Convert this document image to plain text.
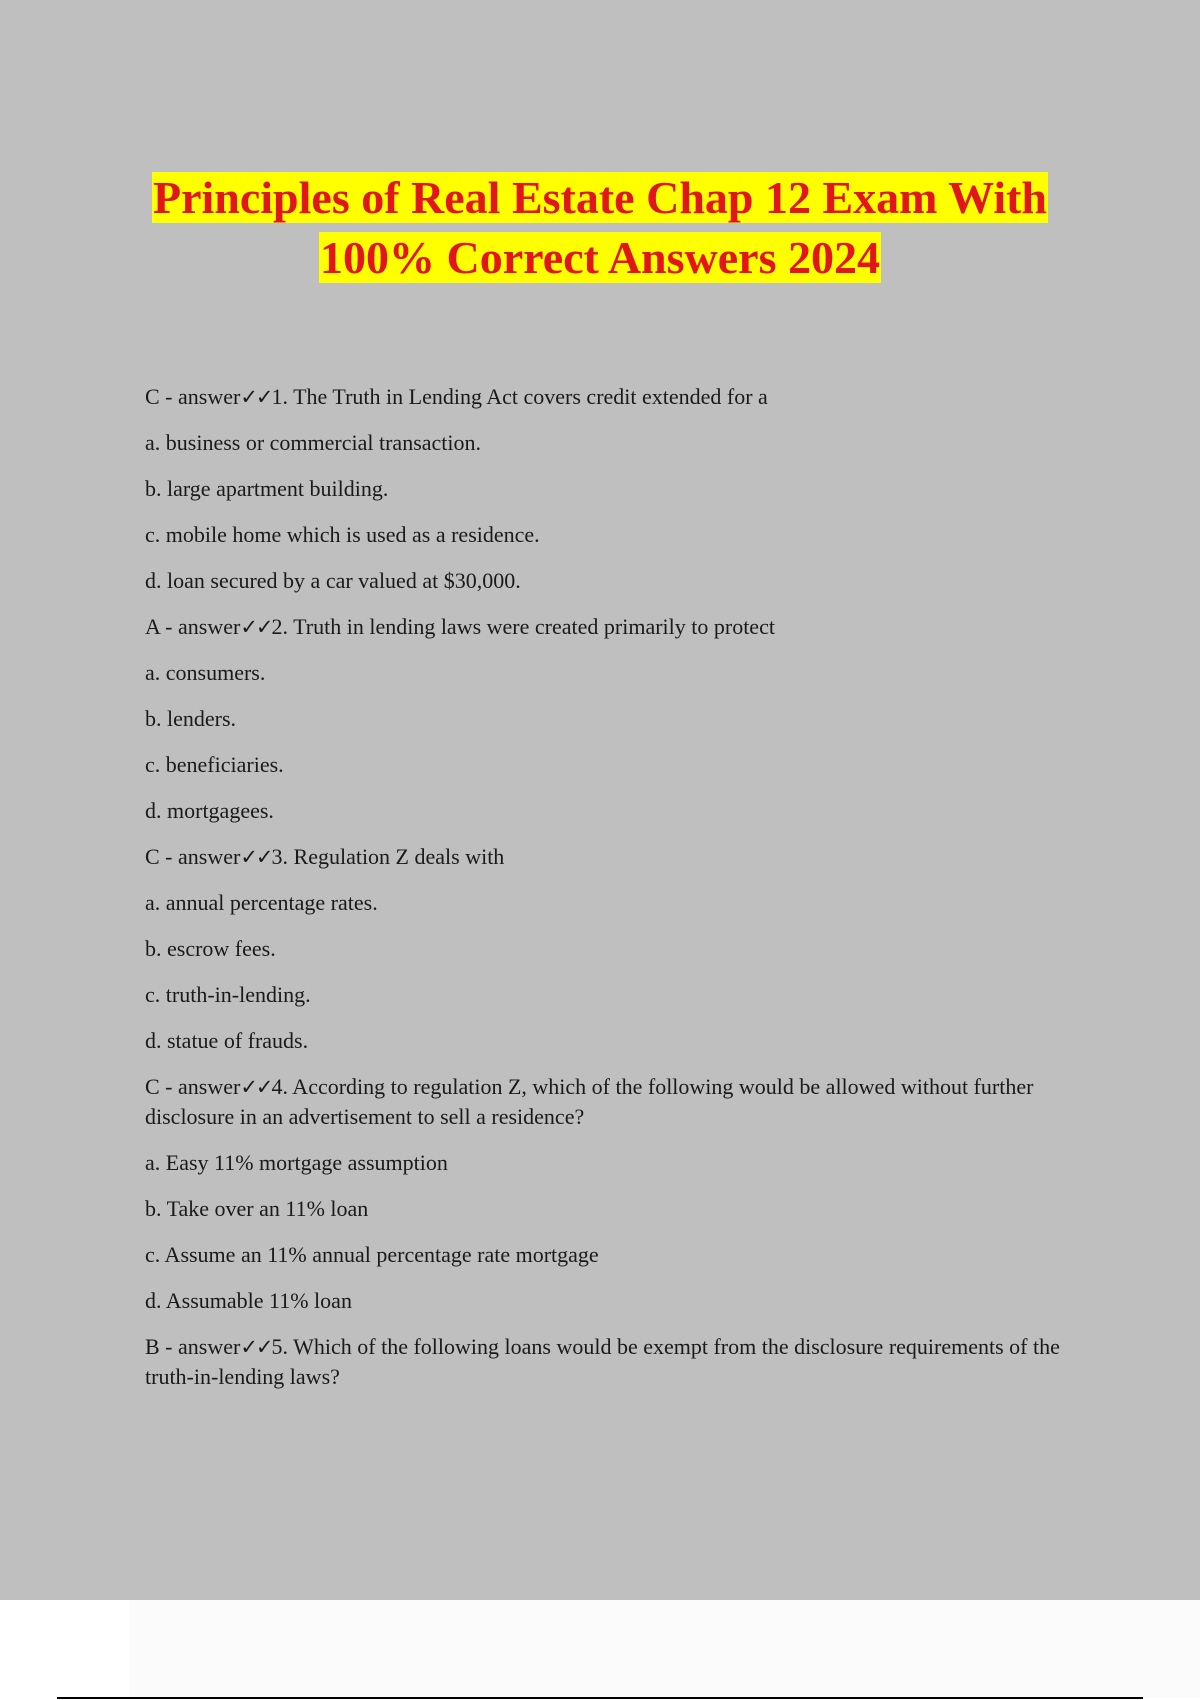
Principles of Real Estate Chap 12 Exam With
100% Correct Answers 2024

C - answer✓✓1. The Truth in Lending Act covers credit extended for a

a. business or commercial transaction.

b. large apartment building.

c. mobile home which is used as a residence.

d. loan secured by a car valued at $30,000.

A - answer✓✓2. Truth in lending laws were created primarily to protect

a. consumers.

b. lenders.

c. beneficiaries.

d. mortgagees.

C - answer✓✓3. Regulation Z deals with

a. annual percentage rates.

b. escrow fees.

c. truth-in-lending.

d. statue of frauds.

C - answer✓✓4. According to regulation Z, which of the following would be allowed without further disclosure in an advertisement to sell a residence?

a. Easy 11% mortgage assumption

b. Take over an 11% loan

c. Assume an 11% annual percentage rate mortgage

d. Assumable 11% loan

B - answer✓✓5. Which of the following loans would be exempt from the disclosure requirements of the truth-in-lending laws?
